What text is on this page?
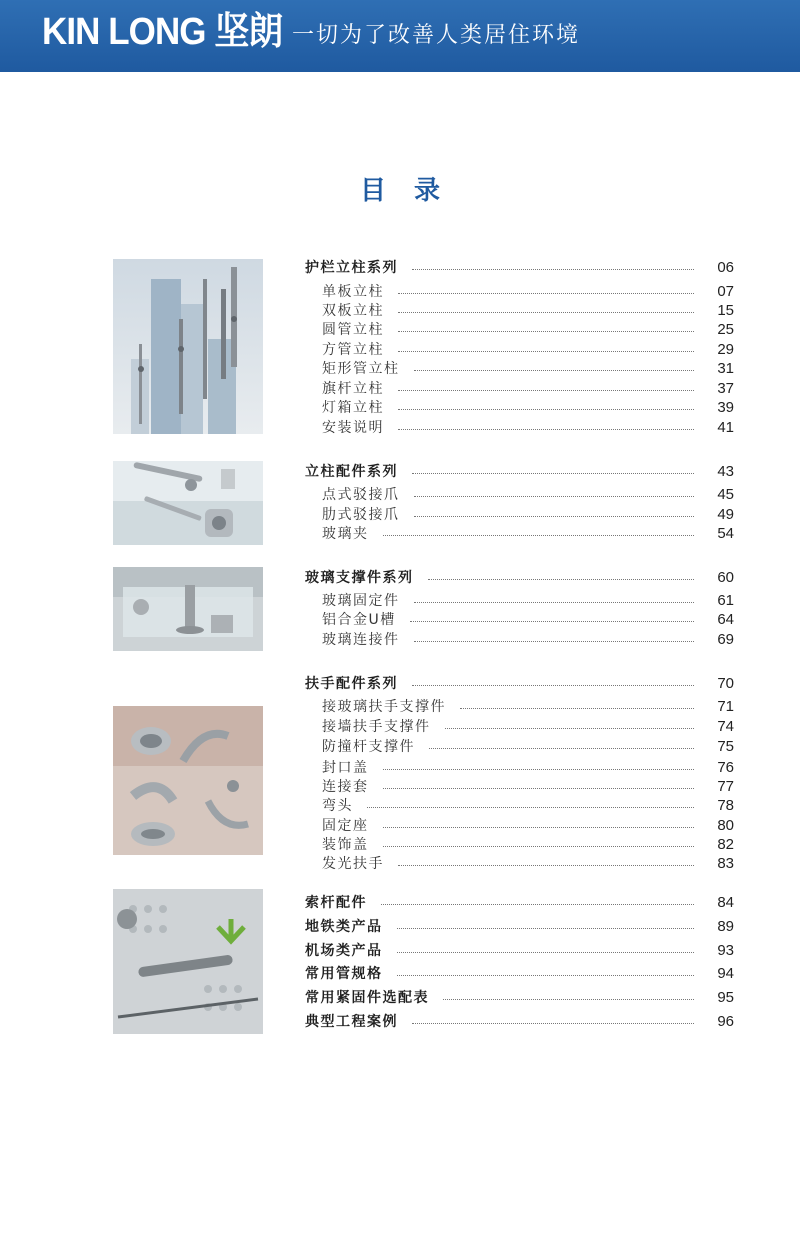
KIN LONG 坚朗 一切为了改善人类居住环境
目录
护栏立柱系列	06
单板立柱	07
双板立柱	15
圆管立柱	25
方管立柱	29
矩形管立柱	31
旗杆立柱	37
灯箱立柱	39
安装说明	41
立柱配件系列	43
点式驳接爪	45
肋式驳接爪	49
玻璃夹	54
玻璃支撑件系列	60
玻璃固定件	61
铝合金U槽	64
玻璃连接件	69
扶手配件系列	70
接玻璃扶手支撑件	71
接墙扶手支撑件	74
防撞杆支撑件	75
封口盖	76
连接套	77
弯头	78
固定座	80
装饰盖	82
发光扶手	83
索杆配件	84
地铁类产品	89
机场类产品	93
常用管规格	94
常用紧固件选配表	95
典型工程案例	96
